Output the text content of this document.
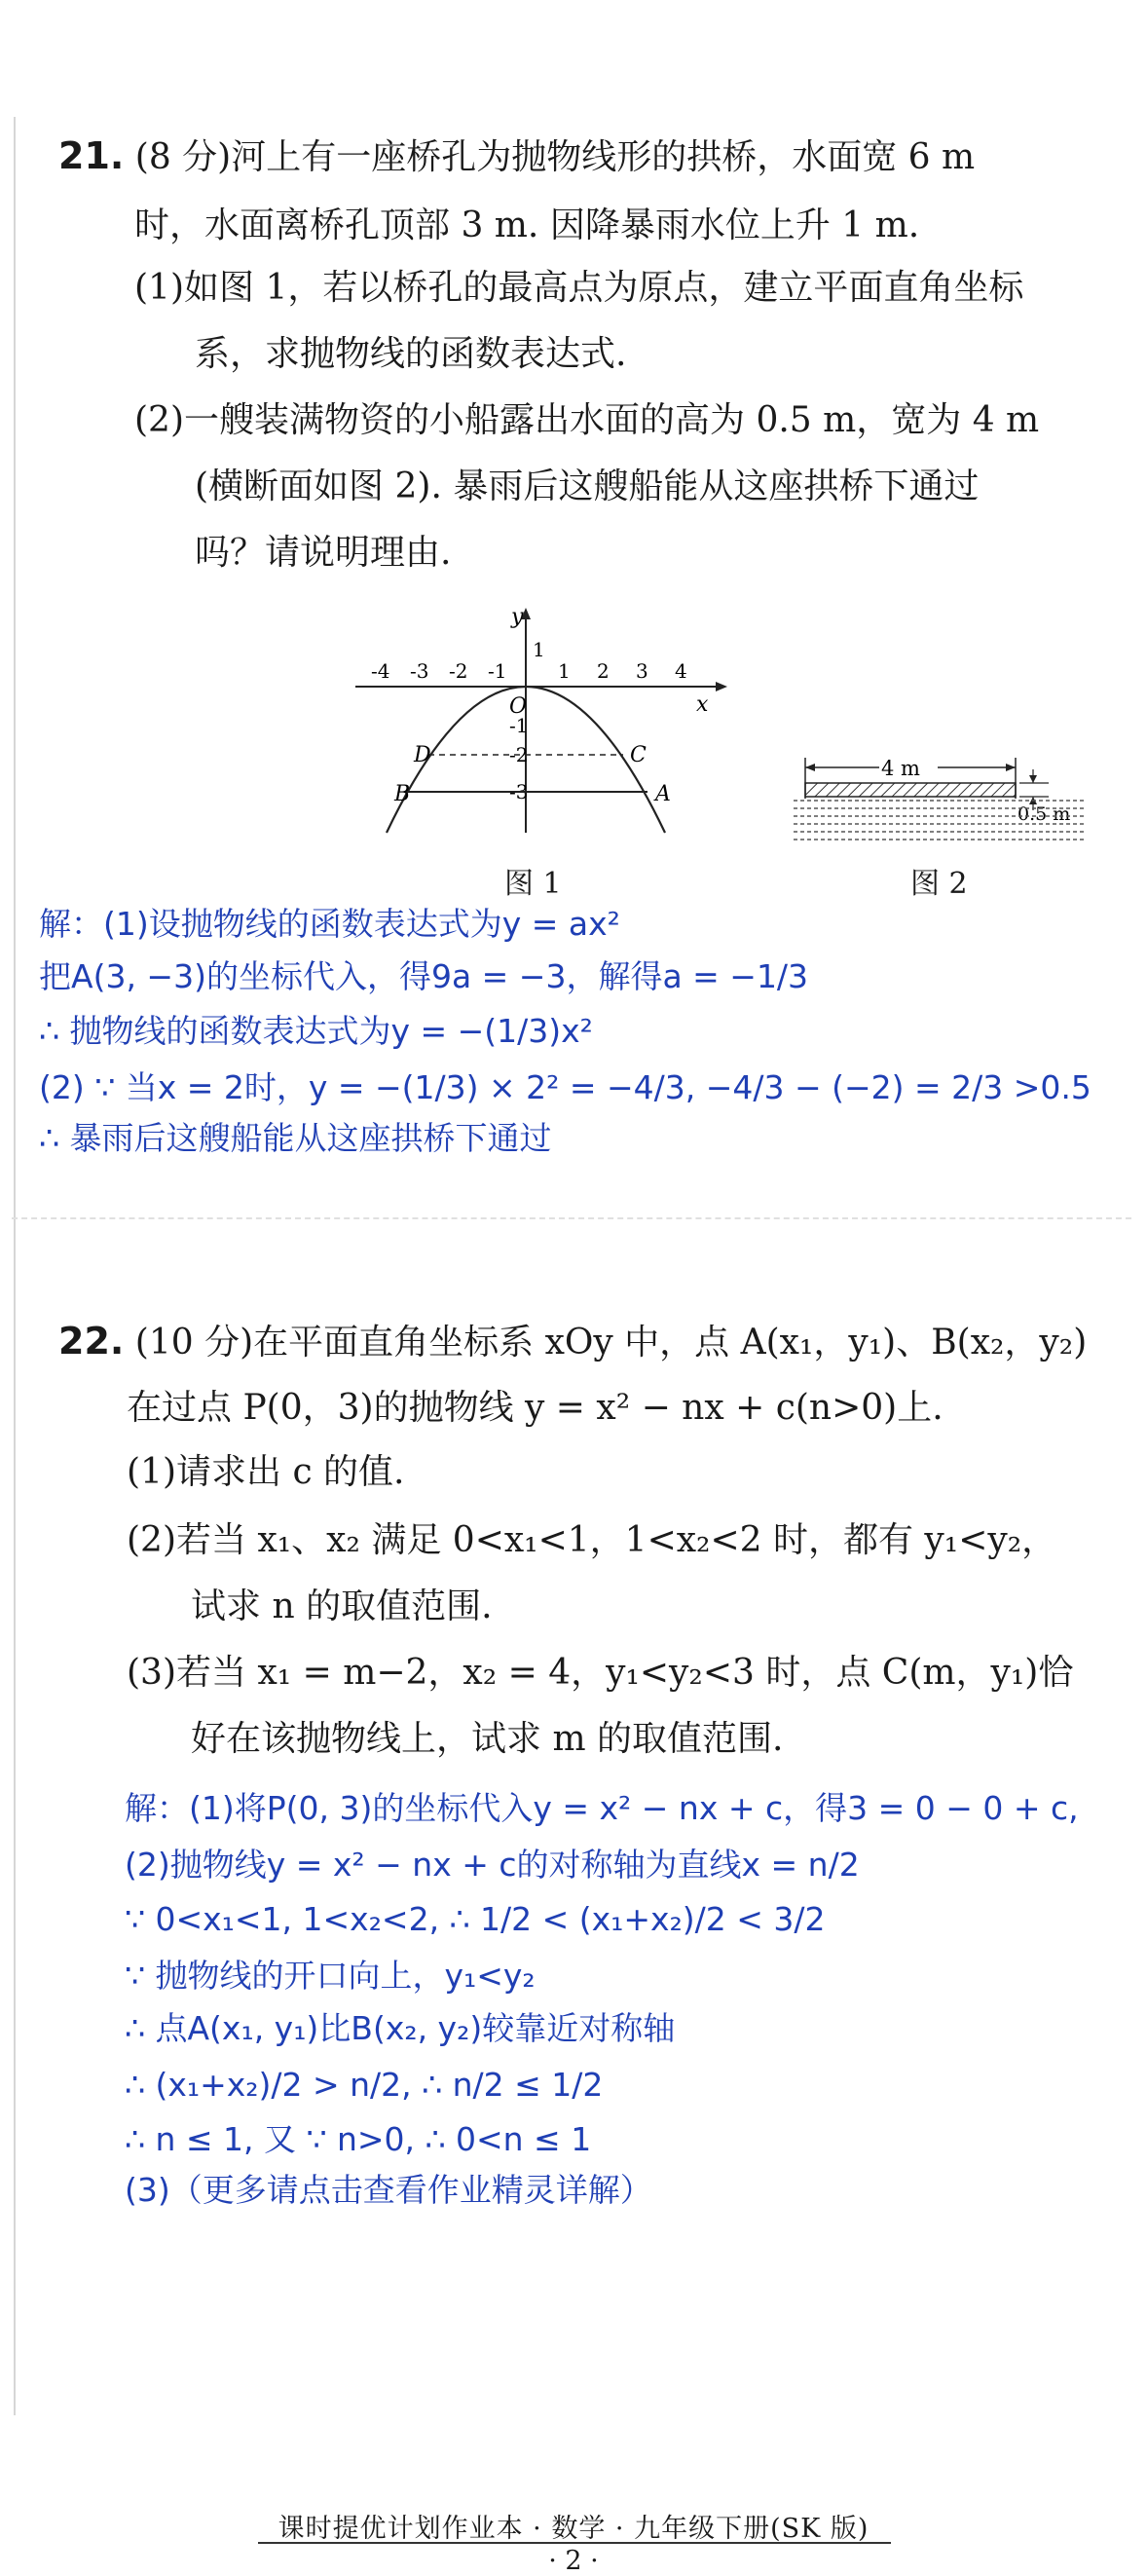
21. (8 分)河上有一座桥孔为抛物线形的拱桥，水面宽 6 m
时，水面离桥孔顶部 3 m. 因降暴雨水位上升 1 m.
(1)如图 1，若以桥孔的最高点为原点，建立平面直角坐标
系，求抛物线的函数表达式.
(2)一艘装满物资的小船露出水面的高为 0.5 m，宽为 4 m
(横断面如图 2). 暴雨后这艘船能从这座拱桥下通过
吗？请说明理由.
x
y
O
-4 -3 -2 -1	1 2 3 4
1
-1
-2
-3
D	C
B	A
图 1
4 m
0.5 m
图 2
解：(1)设抛物线的函数表达式为y = ax²
把A(3, −3)的坐标代入，得9a = −3，解得a = −1/3
∴ 抛物线的函数表达式为y = −(1/3)x²
(2) ∵ 当x = 2时，y = −(1/3) × 2² = −4/3, −4/3 − (−2) = 2/3 >0.5
∴ 暴雨后这艘船能从这座拱桥下通过
22. (10 分)在平面直角坐标系 xOy 中，点 A(x₁，y₁)、B(x₂，y₂)
在过点 P(0，3)的抛物线 y = x² − nx + c(n>0)上.
(1)请求出 c 的值.
(2)若当 x₁、x₂ 满足 0<x₁<1，1<x₂<2 时，都有 y₁<y₂，
试求 n 的取值范围.
(3)若当 x₁ = m−2，x₂ = 4，y₁<y₂<3 时，点 C(m，y₁)恰
好在该抛物线上，试求 m 的取值范围.
解：(1)将P(0, 3)的坐标代入y = x² − nx + c，得3 = 0 − 0 + c,
(2)抛物线y = x² − nx + c的对称轴为直线x = n/2
∵ 0<x₁<1, 1<x₂<2, ∴ 1/2 < (x₁+x₂)/2 < 3/2
∵ 抛物线的开口向上，y₁<y₂
∴ 点A(x₁, y₁)比B(x₂, y₂)较靠近对称轴
∴ (x₁+x₂)/2 > n/2, ∴ n/2 ≤ 1/2
∴ n ≤ 1, 又 ∵ n>0, ∴ 0<n ≤ 1
(3)（更多请点击查看作业精灵详解）
课时提优计划作业本 · 数学 · 九年级下册(SK 版)
· 2 ·
